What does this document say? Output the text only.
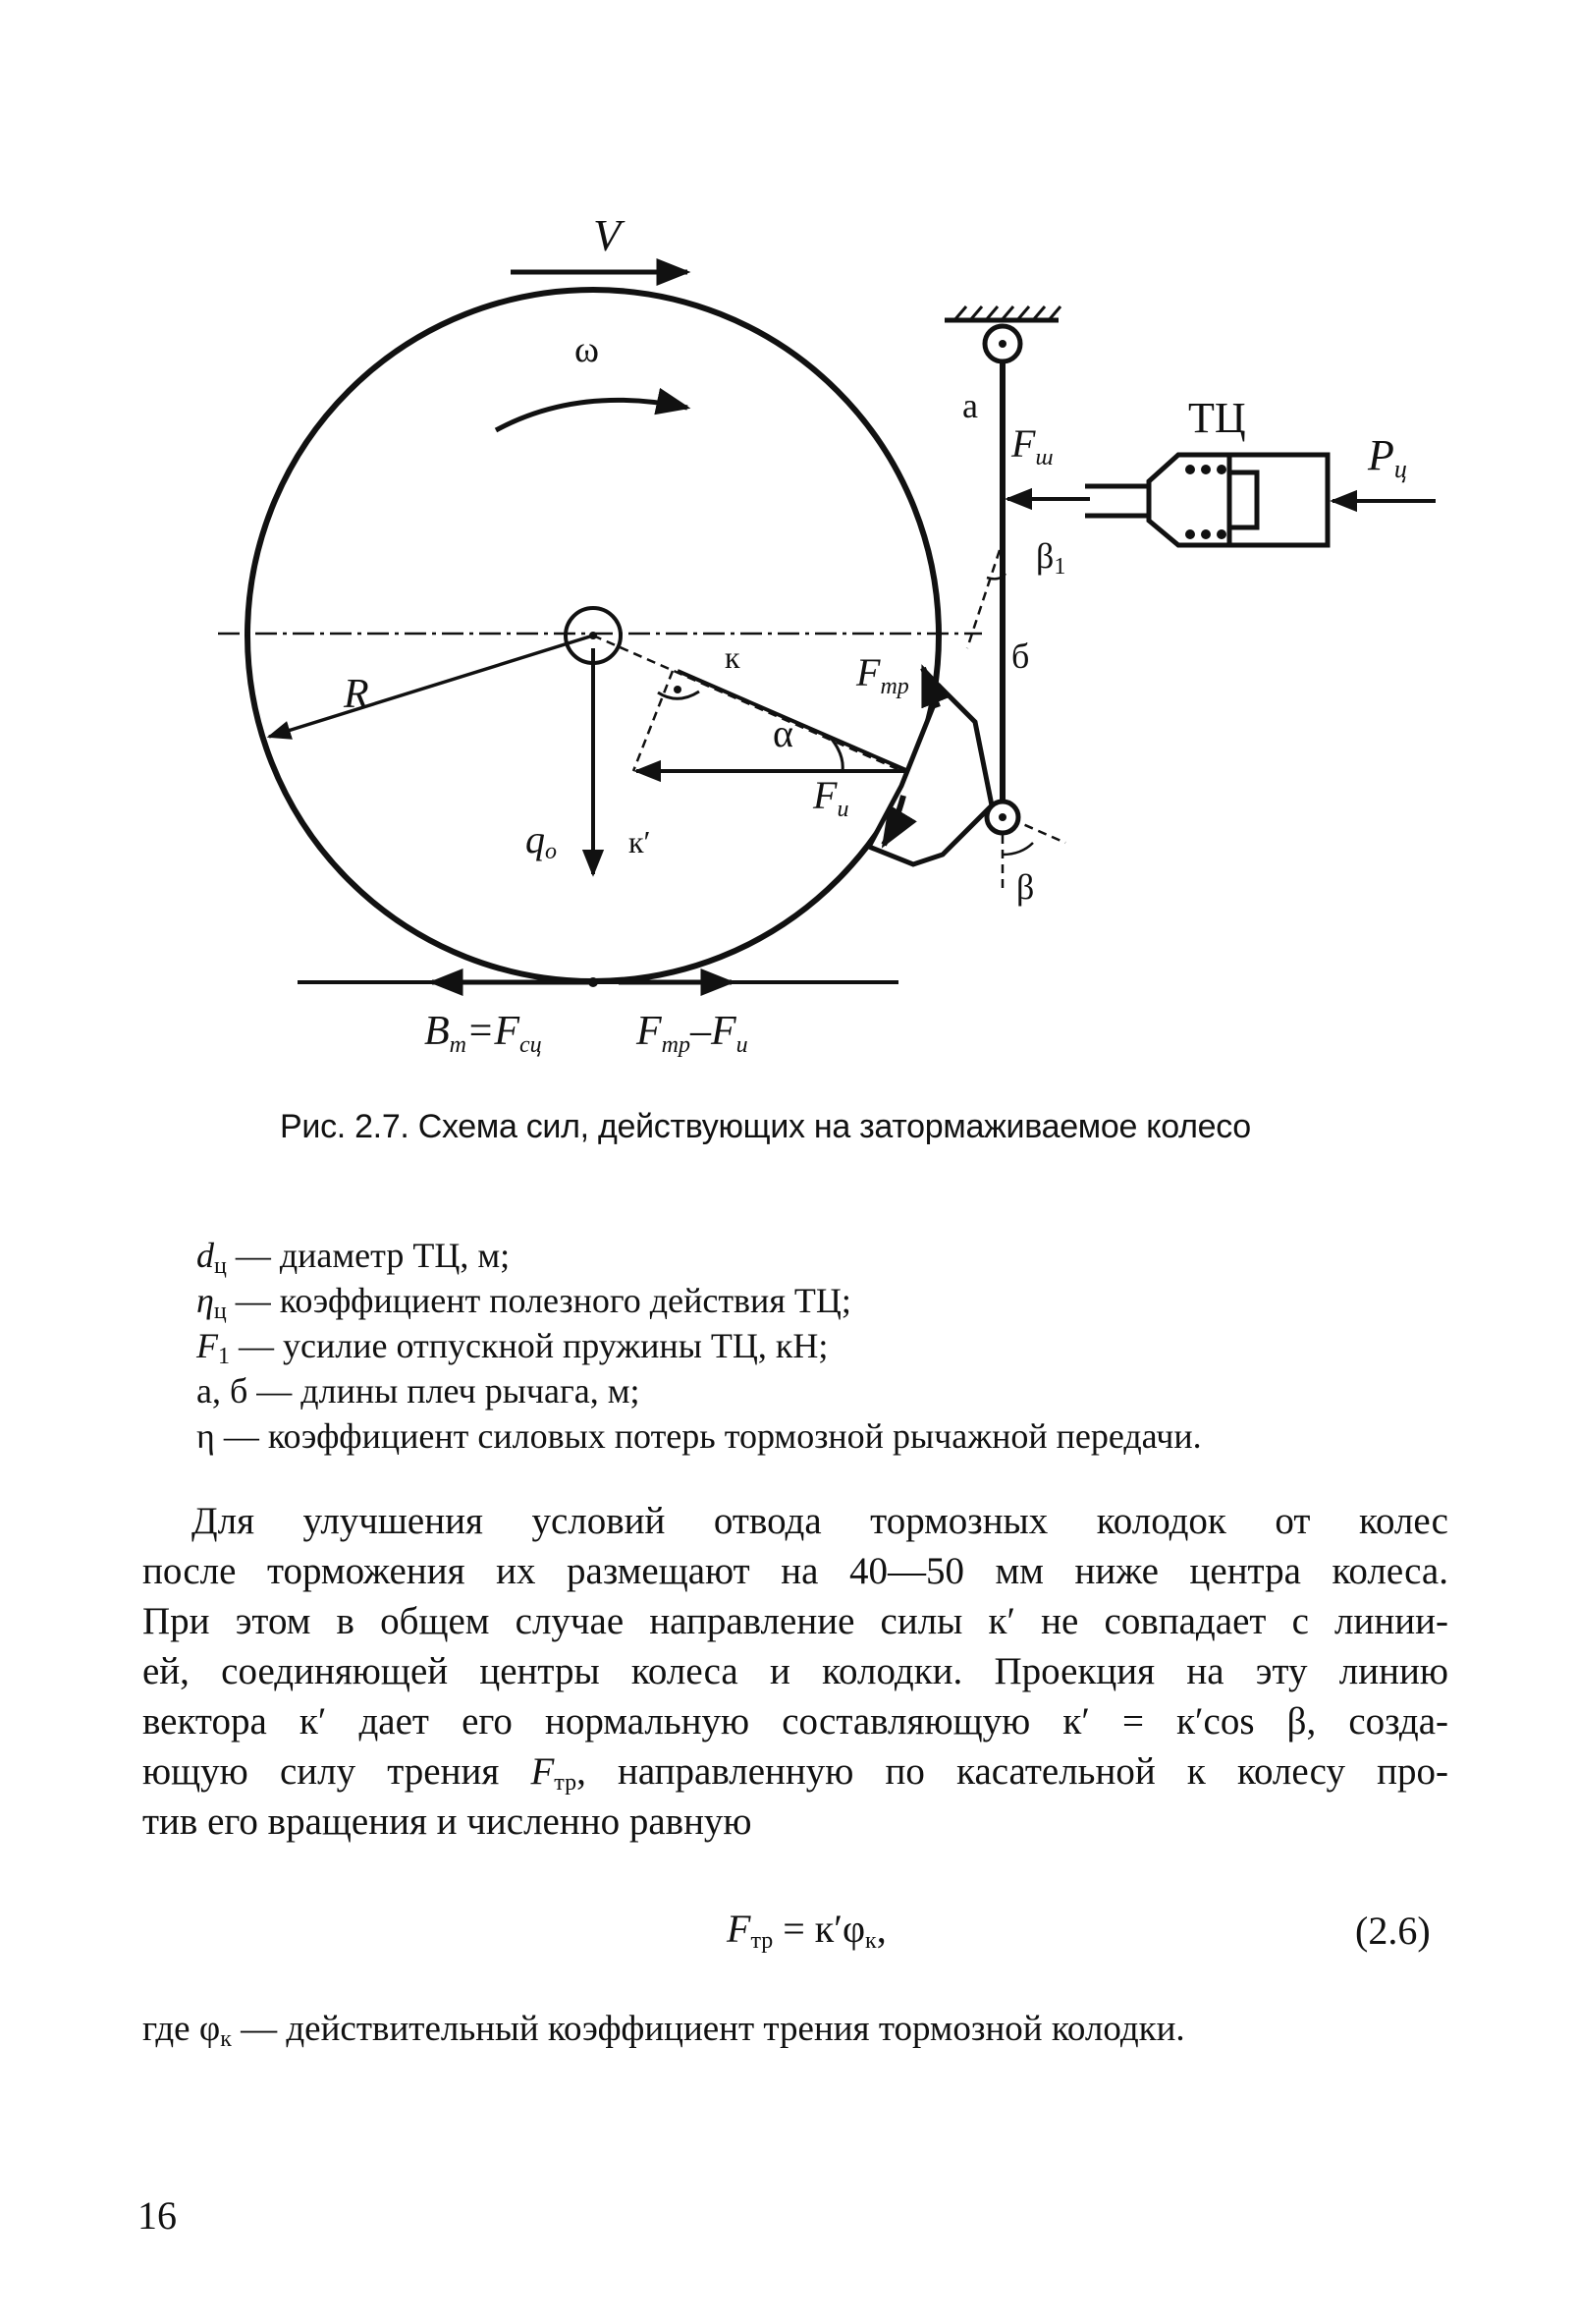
V
ω
а	ТЦ
Pц
$F_ш$
β1
б
к	$F_{тр}$
α
R
$F_и$
к′
qо
β
Bт=Fсц Fтр–Fи
Рис. 2.7. Схема сил, действующих на затормаживаемое колесо
$d_ц$ — диаметр ТЦ, м;
$\eta_ц$ — коэффициент полезного действия ТЦ;
$F_1$ — усилие отпускной пружины ТЦ, кН;
а, б — длины плеч рычага, м;
η — коэффициент силовых потерь тормозной рычажной передачи.
Для улучшения условий отвода тормозных колодок от колес
после торможения их размещают на 40—50 мм ниже центра колеса.
При этом в общем случае направление силы к′ не совпадает с линии-
ей, соединяющей центры колеса и колодки. Проекция на эту линию
вектора к′ дает его нормальную составляющую к′ = к′cos β, созда-
ющую силу трения $F_{тр}$, направленную по касательной к колесу про-
тив его вращения и численно равную
$F_{тр} = к'\varphi_к$,	(2.6)
где $\varphi_к$ — действительный коэффициент трения тормозной колодки.
16
